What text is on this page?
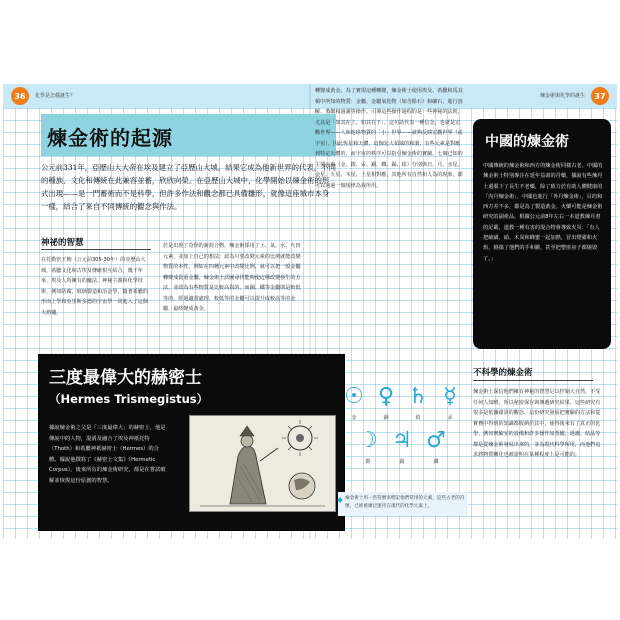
36	化學是怎樣誕生？	煉金術與化學的誕生	37
煉金術的起源
公元前331年，亞歷山大大帝在埃及建立了亞歷山大城。結果它成為他新世界的代表，不同的種族、文化和傳統在此兼容並蓄，欣欣向榮。在亞歷山大城中，化學開始以煉金術的形式出現——是一門蓄術而不是科學，但許多作法和觀念都已具備雛形，就像這座城市本身一樣，結合了來自不同傳統的觀念與作法。
神祕的智慧
在托勒密王朝（公元前305-30年）的亞歷山大城，希臘文化和古埃及傳統相互結合。幾千年來，埃及人所擁有的魔法、神秘主義和化學技術，例如防腐、玻璃製造和冶金學，隨著希臘的形而上學和亞里斯多德的宇宙學一同進入了這個大熔爐。
於是出現了奇怪的新混合物。煉金術採用了土、氣、水、火四元素，並加上自己的想法：認為只要改變元素的比例就能改變物質的本性。例如在四種元素中改變比例，就可以把一般金屬轉變成貴重金屬。煉金術士試圖尋找能夠使這種改變發生的方法，並認為有些物質是比較高貴的，而銅、鐵等金屬則是較低等的，經過適當處理，較低等的金屬可以提升成較高等的金屬，最終變成黃金。
三度最偉大的赫密士
（Hermes Trismegistus）
據說煉金術之父是「三度最偉大」的赫密士，他是傳說中的人物，混淆及融合了埃及神祇托特（Thoth）和希臘神祇赫密士（Hermes）的合體。據說他撰寫了《赫密士文集》（Hermetic Corpus），後來所有的煉金術研究，都是在嘗試破解並恢復這份原創的智慧。
轉變成黃金。為了實現這種轉變，煉金術士使用埃及、希臘和馬其頓中所知的物質：金屬、金屬氧化物（如含鉛石）和礦石，進行溶解、蒸餾和過濾等操作。引導這些操作過程的是一些神秘的法則，尤其是「如其在上，如其在下」。這句話代表一種信念，也就是宏觀世界——人和地球物質的「小」世界——就夠反映宏觀世界（或宇宙）。因此恆星和天體，這個宏大領域的和諧，有些元素是對應到特定天體的，而宇宙的秩序可以指引煉金術的實驗。七個已知的主要元素（金、銀、汞、銅、鐵、錫、鉛）分別與日、月、水星、金星、火星、木星、土星相對應，其他所有自然和人為的現象，都可以通過一個規律為我所用。
中國的煉金術
中國傳統的煉金術和西方的煉金術同樣古老。中國的煉金術士特別專注在延年益壽的丹藥，據說有些煉丹士還服下了長生不老藥，除了致力於有助人體健康的「內丹煉金術」，中國也進行「外丹煉金術」，目的和西方差不多，都是為了製造黃金。火藥可能是煉金術研究的副產品，根據公元前8年左右一本道教練丹書的記載，道教一種有害的混合物會導致火災：「有人把硫磺、硝、木炭和蜂蜜一起加熱，冒出煙霧和火焰，燒傷了他們的手和臉，甚至把整座房子都燒毀了。」
☉
金
♀
銅
♄
鉛
☿
汞
☽
銀
♃
錫
♂
鐵
煉金術士用一些符號來標記他們常用的元素，這些古老的符號，已經被廣泛運用在現代的化學元素上。
不科學的煉金術
煉金術士深信他們擁有神秘的智慧足以控制大自然，不受任何人知曉，所以秘密保存與傳遞研究結果。這些研究有很多是依據錯誤的觀念，這份研究發展把實驗的方法和從實務中得到的知識都收納於其中，使得後來有了真正的化學。例如實驗室的設備和許多操作如蒸餾、過濾、結晶等都是從煉金術發展出來的，並為現代科學所用，而他們追求將物質轉化也被證明在某種程度上是可能的。
